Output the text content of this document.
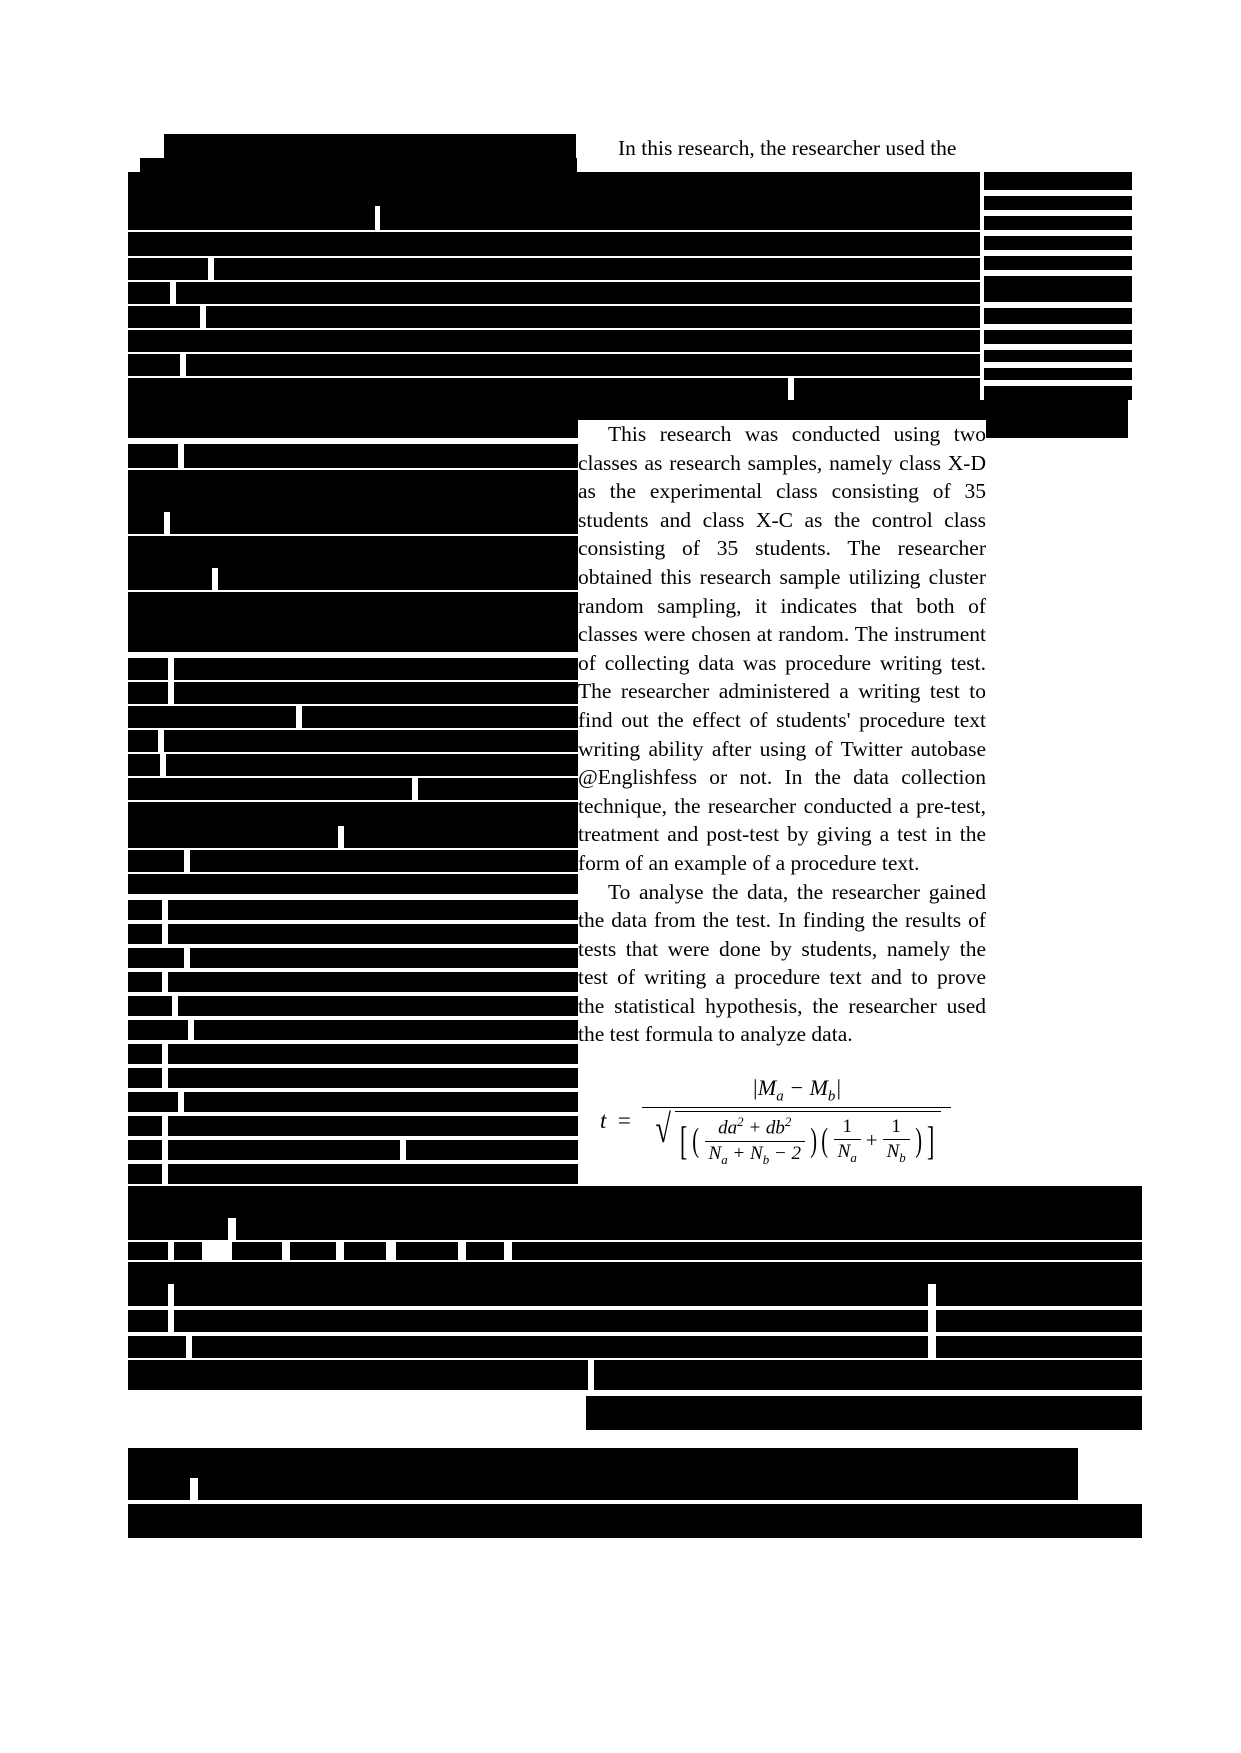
In this research, the researcher used the

This research was conducted using two classes as research samples, namely class X-D as the experimental class consisting of 35 students and class X-C as the control class consisting of 35 students. The researcher obtained this research sample utilizing cluster random sampling, it indicates that both of classes were chosen at random. The instrument of collecting data was procedure writing test. The researcher administered a writing test to find out the effect of students' procedure text writing ability after using of Twitter autobase @Englishfess or not. In the data collection technique, the researcher conducted a pre-test, treatment and post-test by giving a test in the form of an example of a procedure text.

To analyse the data, the researcher gained the data from the test. In finding the results of tests that were done by students, namely the test of writing a procedure text and to prove the statistical hypothesis, the researcher used the test formula to analyze data.

t =
$|M_a - M_b|$
√ [ ( $da^2 + db^2$
$N_a + N_b - 2$ ) ( 1
$N_a$
+ $\frac{1}{N_b}$ ) ]
